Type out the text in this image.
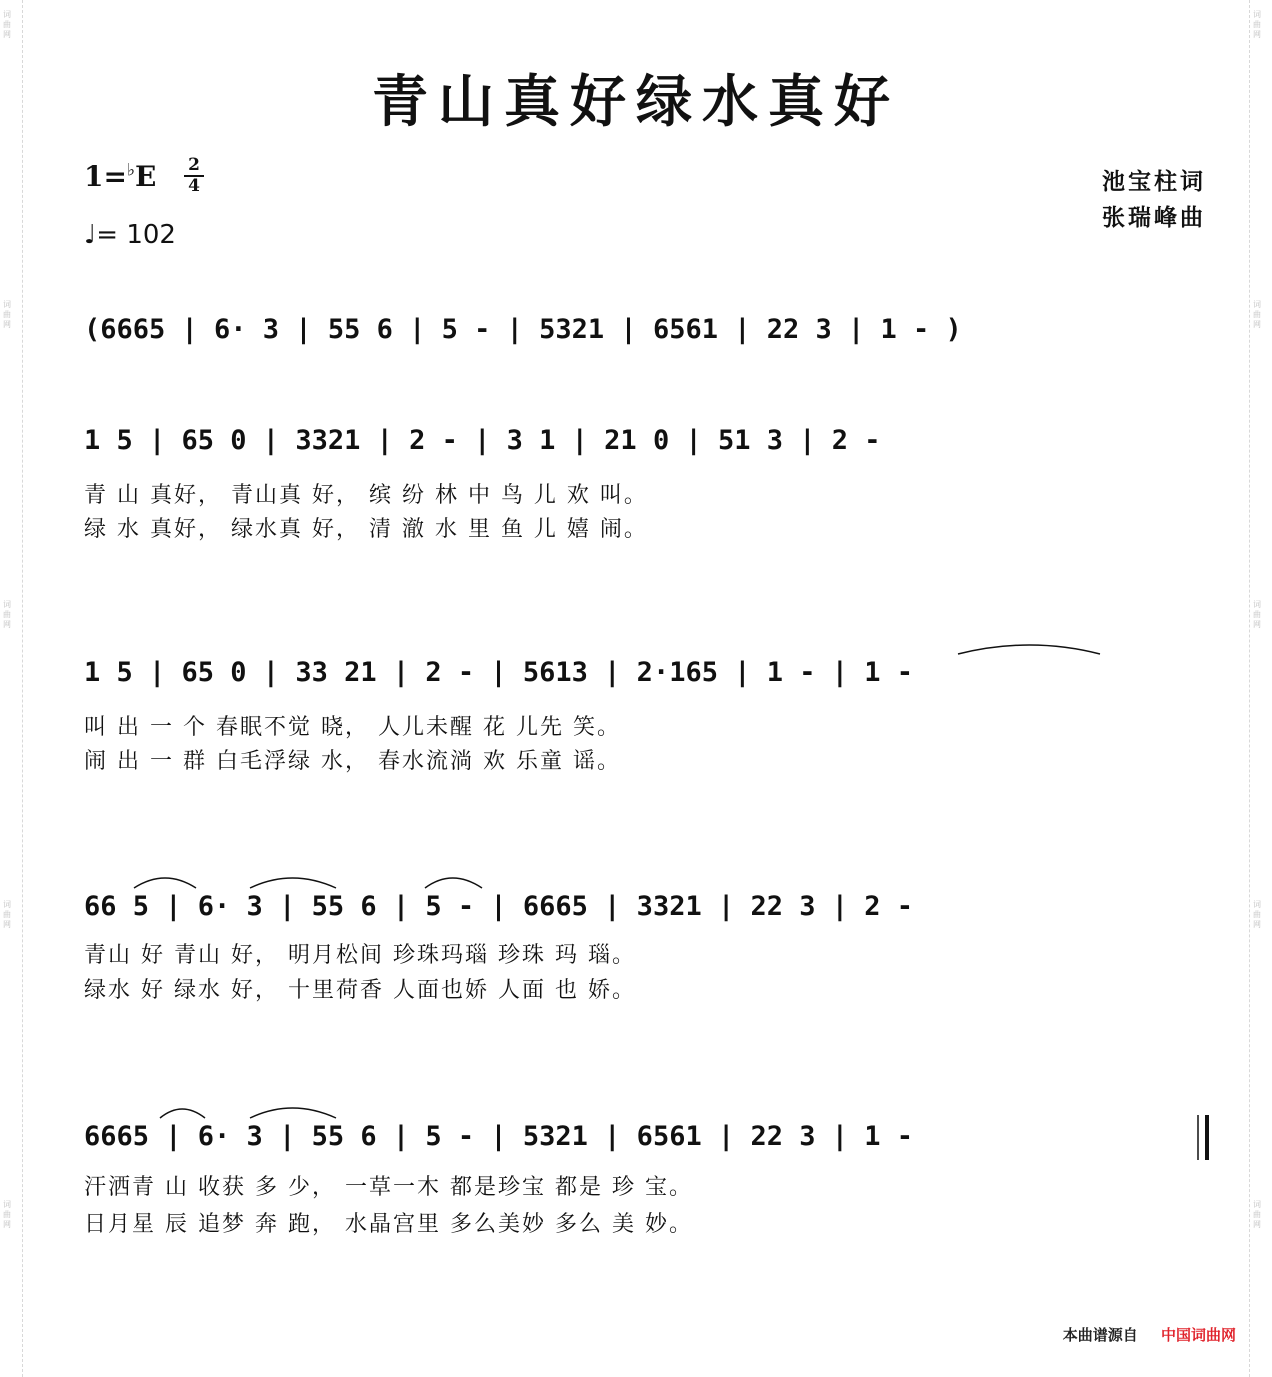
词曲网
词曲网
词曲网
词曲网
词曲网
词曲网
词曲网
词曲网
词曲网
词曲网
青山真好绿水真好
$1=^♭E \frac{2}{4}$
♩= 102
池宝柱词
张瑞峰曲
(6665 | 6· 3 | 55 6 | 5 - | 5321 | 6561 | 22 3 | 1 - )
1 5 | 65 0 | 3321 | 2 - | 3 1 | 21 0 | 51 3 | 2 -
青 山 真好， 青山真 好， 缤 纷 林 中 鸟 儿 欢 叫。
绿 水 真好， 绿水真 好， 清 澈 水 里 鱼 儿 嬉 闹。
1 5 | 65 0 | 33 21 | 2 - | 5613 | 2·165 | 1 - | 1 -
叫 出 一 个 春眠不觉 晓， 人儿未醒 花 儿先 笑。
闹 出 一 群 白毛浮绿 水， 春水流淌 欢 乐童 谣。
66 5 | 6· 3 | 55 6 | 5 - | 6665 | 3321 | 22 3 | 2 -
青山 好 青山 好， 明月松间 珍珠玛瑙 珍珠 玛 瑙。
绿水 好 绿水 好， 十里荷香 人面也娇 人面 也 娇。
6665 | 6· 3 | 55 6 | 5 - | 5321 | 6561 | 22 3 | 1 -
汗洒青 山 收获 多 少， 一草一木 都是珍宝 都是 珍 宝。
日月星 辰 追梦 奔 跑， 水晶宫里 多么美妙 多么 美 妙。
本曲谱源自 中国词曲网
